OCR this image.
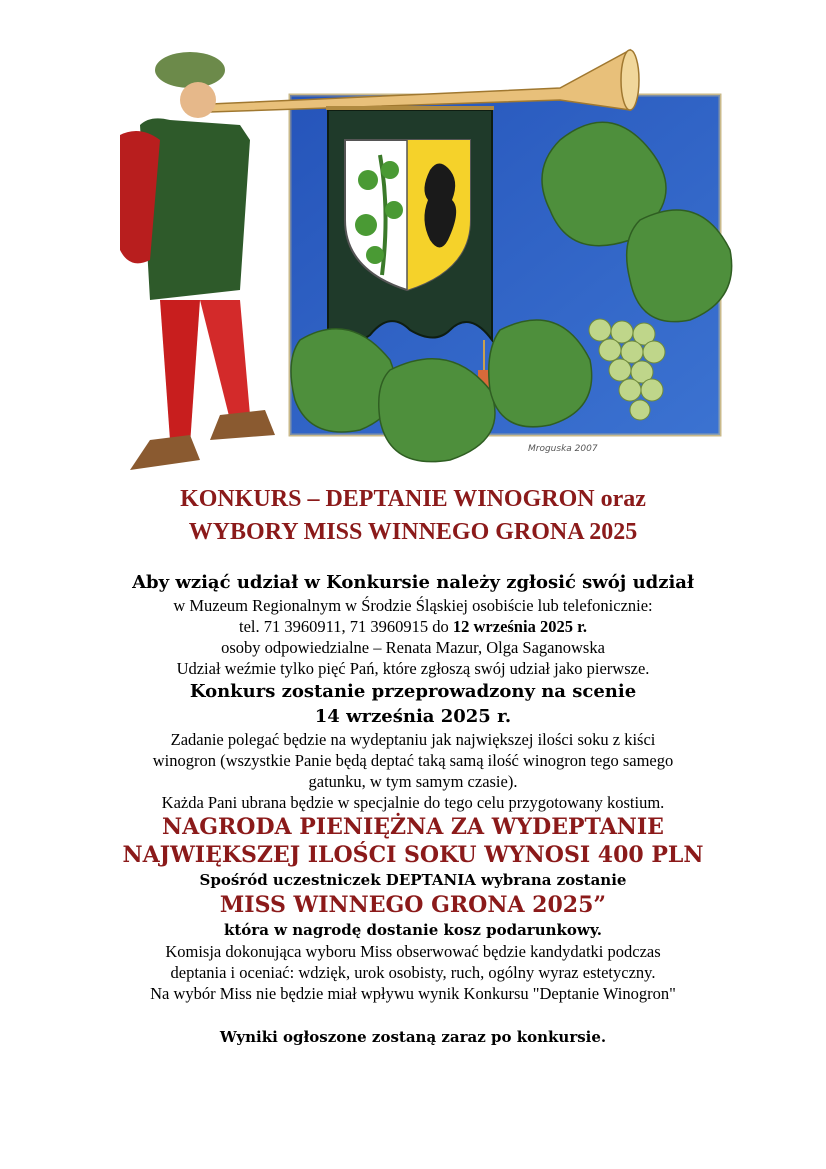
Mroguska 2007
KONKURS – DEPTANIE WINOGRON oraz
WYBORY MISS WINNEGO GRONA 2025
Aby wziąć udział w Konkursie należy zgłosić swój udział
w Muzeum Regionalnym w Środzie Śląskiej osobiście lub telefonicznie:
tel. 71 3960911, 71 3960915 do 12 września 2025 r.
osoby odpowiedzialne – Renata Mazur, Olga Saganowska
Udział weźmie tylko pięć Pań, które zgłoszą swój udział jako pierwsze.
Konkurs zostanie przeprowadzony na scenie
14 września 2025 r.
Zadanie polegać będzie na wydeptaniu jak największej ilości soku z kiści
winogron (wszystkie Panie będą deptać taką samą ilość winogron tego samego
gatunku, w tym samym czasie).
Każda Pani ubrana będzie w specjalnie do tego celu przygotowany kostium.
NAGRODA PIENIĘŻNA ZA WYDEPTANIE
NAJWIĘKSZEJ ILOŚCI SOKU WYNOSI 400 PLN
Spośród uczestniczek DEPTANIA wybrana zostanie
MISS WINNEGO GRONA 2025”
która w nagrodę dostanie kosz podarunkowy.
Komisja dokonująca wyboru Miss obserwować będzie kandydatki podczas
deptania i oceniać: wdzięk, urok osobisty, ruch, ogólny wyraz estetyczny.
Na wybór Miss nie będzie miał wpływu wynik Konkursu "Deptanie Winogron"
Wyniki ogłoszone zostaną zaraz po konkursie.
